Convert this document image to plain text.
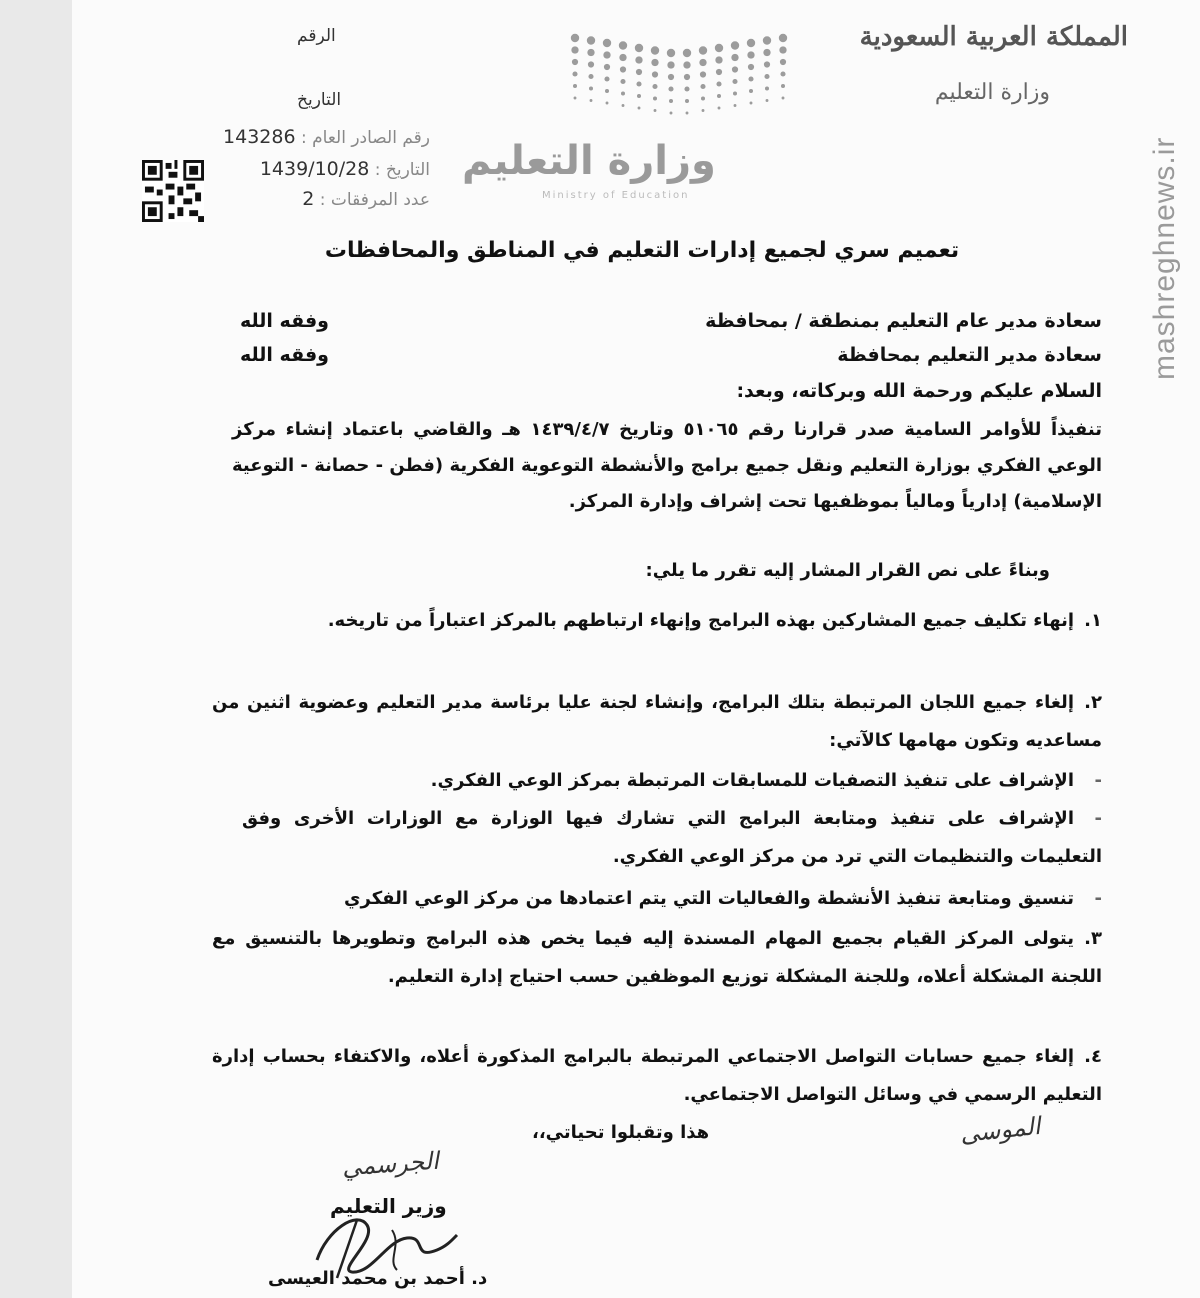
المملكة العربية السعودية
وزارة التعليم
وزارة التعليم
Ministry of Education
الرقم
التاريخ
رقم الصادر العام : 143286
التاريخ : 1439/10/28
عدد المرفقات : 2	mashreghnews.ir
تعميم سري لجميع إدارات التعليم في المناطق والمحافظات
سعادة مدير عام التعليم بمنطقة / بمحافظة
وفقه الله
سعادة مدير التعليم بمحافظة
وفقه الله
السلام عليكم ورحمة الله وبركاته، وبعد:
تنفيذاً للأوامر السامية صدر قرارنا رقم ٥١٠٦٥ وتاريخ ١٤٣٩/٤/٧ هـ والقاضي باعتماد إنشاء مركز الوعي الفكري بوزارة التعليم ونقل جميع برامج والأنشطة التوعوية الفكرية (فطن - حصانة - التوعية الإسلامية) إدارياً ومالياً بموظفيها تحت إشراف وإدارة المركز.
وبناءً على نص القرار المشار إليه تقرر ما يلي:
١.إنهاء تكليف جميع المشاركين بهذه البرامج وإنهاء ارتباطهم بالمركز اعتباراً من تاريخه.
٢.إلغاء جميع اللجان المرتبطة بتلك البرامج، وإنشاء لجنة عليا برئاسة مدير التعليم وعضوية اثنين من مساعديه وتكون مهامها كالآتي:
-الإشراف على تنفيذ التصفيات للمسابقات المرتبطة بمركز الوعي الفكري.
-الإشراف على تنفيذ ومتابعة البرامج التي تشارك فيها الوزارة مع الوزارات الأخرى وفق التعليمات والتنظيمات التي ترد من مركز الوعي الفكري.
-تنسيق ومتابعة تنفيذ الأنشطة والفعاليات التي يتم اعتمادها من مركز الوعي الفكري
٣.يتولى المركز القيام بجميع المهام المسندة إليه فيما يخص هذه البرامج وتطويرها بالتنسيق مع اللجنة المشكلة أعلاه، وللجنة المشكلة توزيع الموظفين حسب احتياج إدارة التعليم.
٤.إلغاء جميع حسابات التواصل الاجتماعي المرتبطة بالبرامج المذكورة أعلاه، والاكتفاء بحساب إدارة التعليم الرسمي في وسائل التواصل الاجتماعي.
هذا وتقبلوا تحياتي،،	الموسى
الجرسمي
وزير التعليم
د. أحمد بن محمد العيسى
